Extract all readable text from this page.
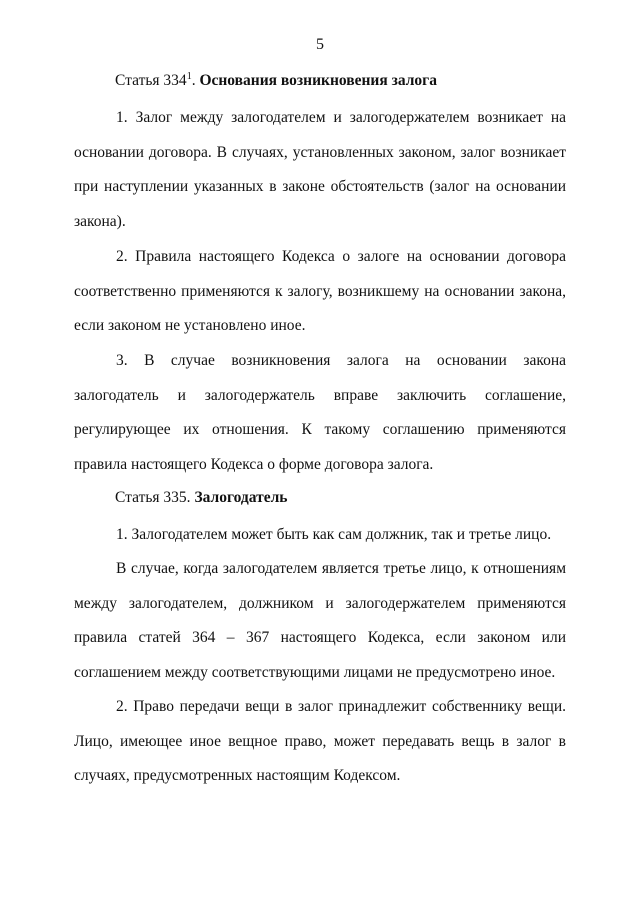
5
Статья $334^1$. Основания возникновения залога

1. Залог между залогодателем и залогодержателем возникает на основании договора. В случаях, установленных законом, залог возникает при наступлении указанных в законе обстоятельств (залог на основании закона).

2. Правила настоящего Кодекса о залоге на основании договора соответственно применяются к залогу, возникшему на основании закона, если законом не установлено иное.

3. В случае возникновения залога на основании закона залогодатель и залогодержатель вправе заключить соглашение, регулирующее их отношения. К такому соглашению применяются правила настоящего Кодекса о форме договора залога.

Статья 335. Залогодатель

1. Залогодателем может быть как сам должник, так и третье лицо.

В случае, когда залогодателем является третье лицо, к отношениям между залогодателем, должником и залогодержателем применяются правила статей 364 – 367 настоящего Кодекса, если законом или соглашением между соответствующими лицами не предусмотрено иное.

2. Право передачи вещи в залог принадлежит собственнику вещи. Лицо, имеющее иное вещное право, может передавать вещь в залог в случаях, предусмотренных настоящим Кодексом.
